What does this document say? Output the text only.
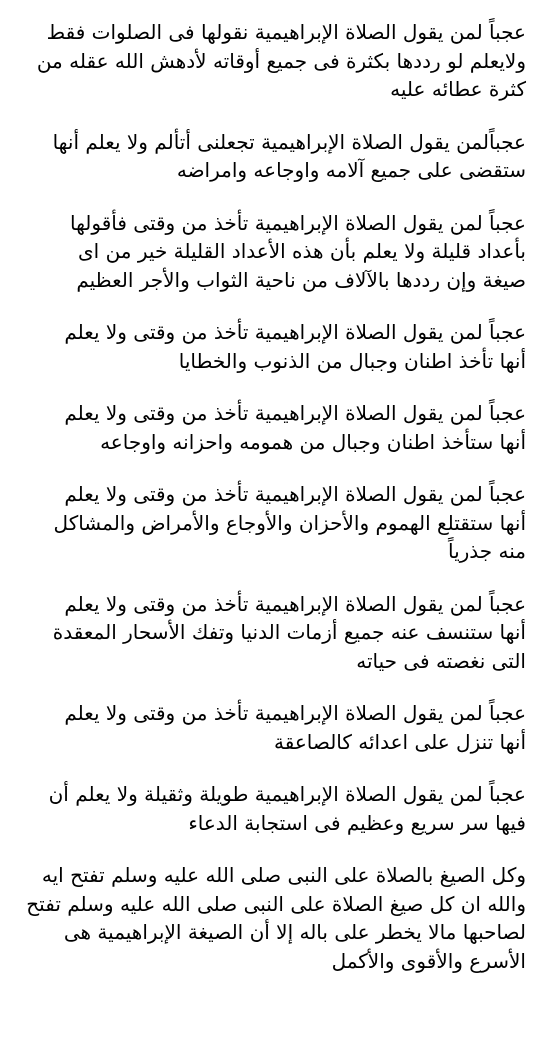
عجباً لمن يقول الصلاة الإبراهيمية نقولها فى الصلوات فقط
ولايعلم لو رددها بكثرة فى جميع أوقاته لأدهش الله عقله من
كثرة عطائه عليه
عجباًلمن يقول الصلاة الإبراهيمية تجعلنى أتألم ولا يعلم أنها
ستقضى على جميع آلامه واوجاعه وامراضه
عجباً لمن يقول الصلاة الإبراهيمية تأخذ من وقتى فأقولها
بأعداد قليلة ولا يعلم بأن هذه الأعداد القليلة خير من اى
صيغة وإن رددها بالآلاف من ناحية الثواب والأجر العظيم
عجباً لمن يقول الصلاة الإبراهيمية تأخذ من وقتى ولا يعلم
أنها تأخذ اطنان وجبال من الذنوب والخطايا
عجباً لمن يقول الصلاة الإبراهيمية تأخذ من وقتى ولا يعلم
أنها ستأخذ اطنان وجبال من همومه واحزانه واوجاعه
عجباً لمن يقول الصلاة الإبراهيمية تأخذ من وقتى ولا يعلم
أنها ستقتلع الهموم والأحزان والأوجاع والأمراض والمشاكل
منه جذرياً
عجباً لمن يقول الصلاة الإبراهيمية تأخذ من وقتى ولا يعلم
أنها ستنسف عنه جميع أزمات الدنيا وتفك الأسحار المعقدة
التى نغصته فى حياته
عجباً لمن يقول الصلاة الإبراهيمية تأخذ من وقتى ولا يعلم
أنها تنزل على اعدائه كالصاعقة
عجباً لمن يقول الصلاة الإبراهيمية طويلة وثقيلة ولا يعلم أن
فيها سر سريع وعظيم فى استجابة الدعاء
وكل الصيغ بالصلاة على النبى صلى الله عليه وسلم تفتح ايه
والله ان كل صيغ الصلاة على النبى صلى الله عليه وسلم تفتح
لصاحبها مالا يخطر على باله إلا أن الصيغة الإبراهيمية هى
الأسرع والأقوى والأكمل
